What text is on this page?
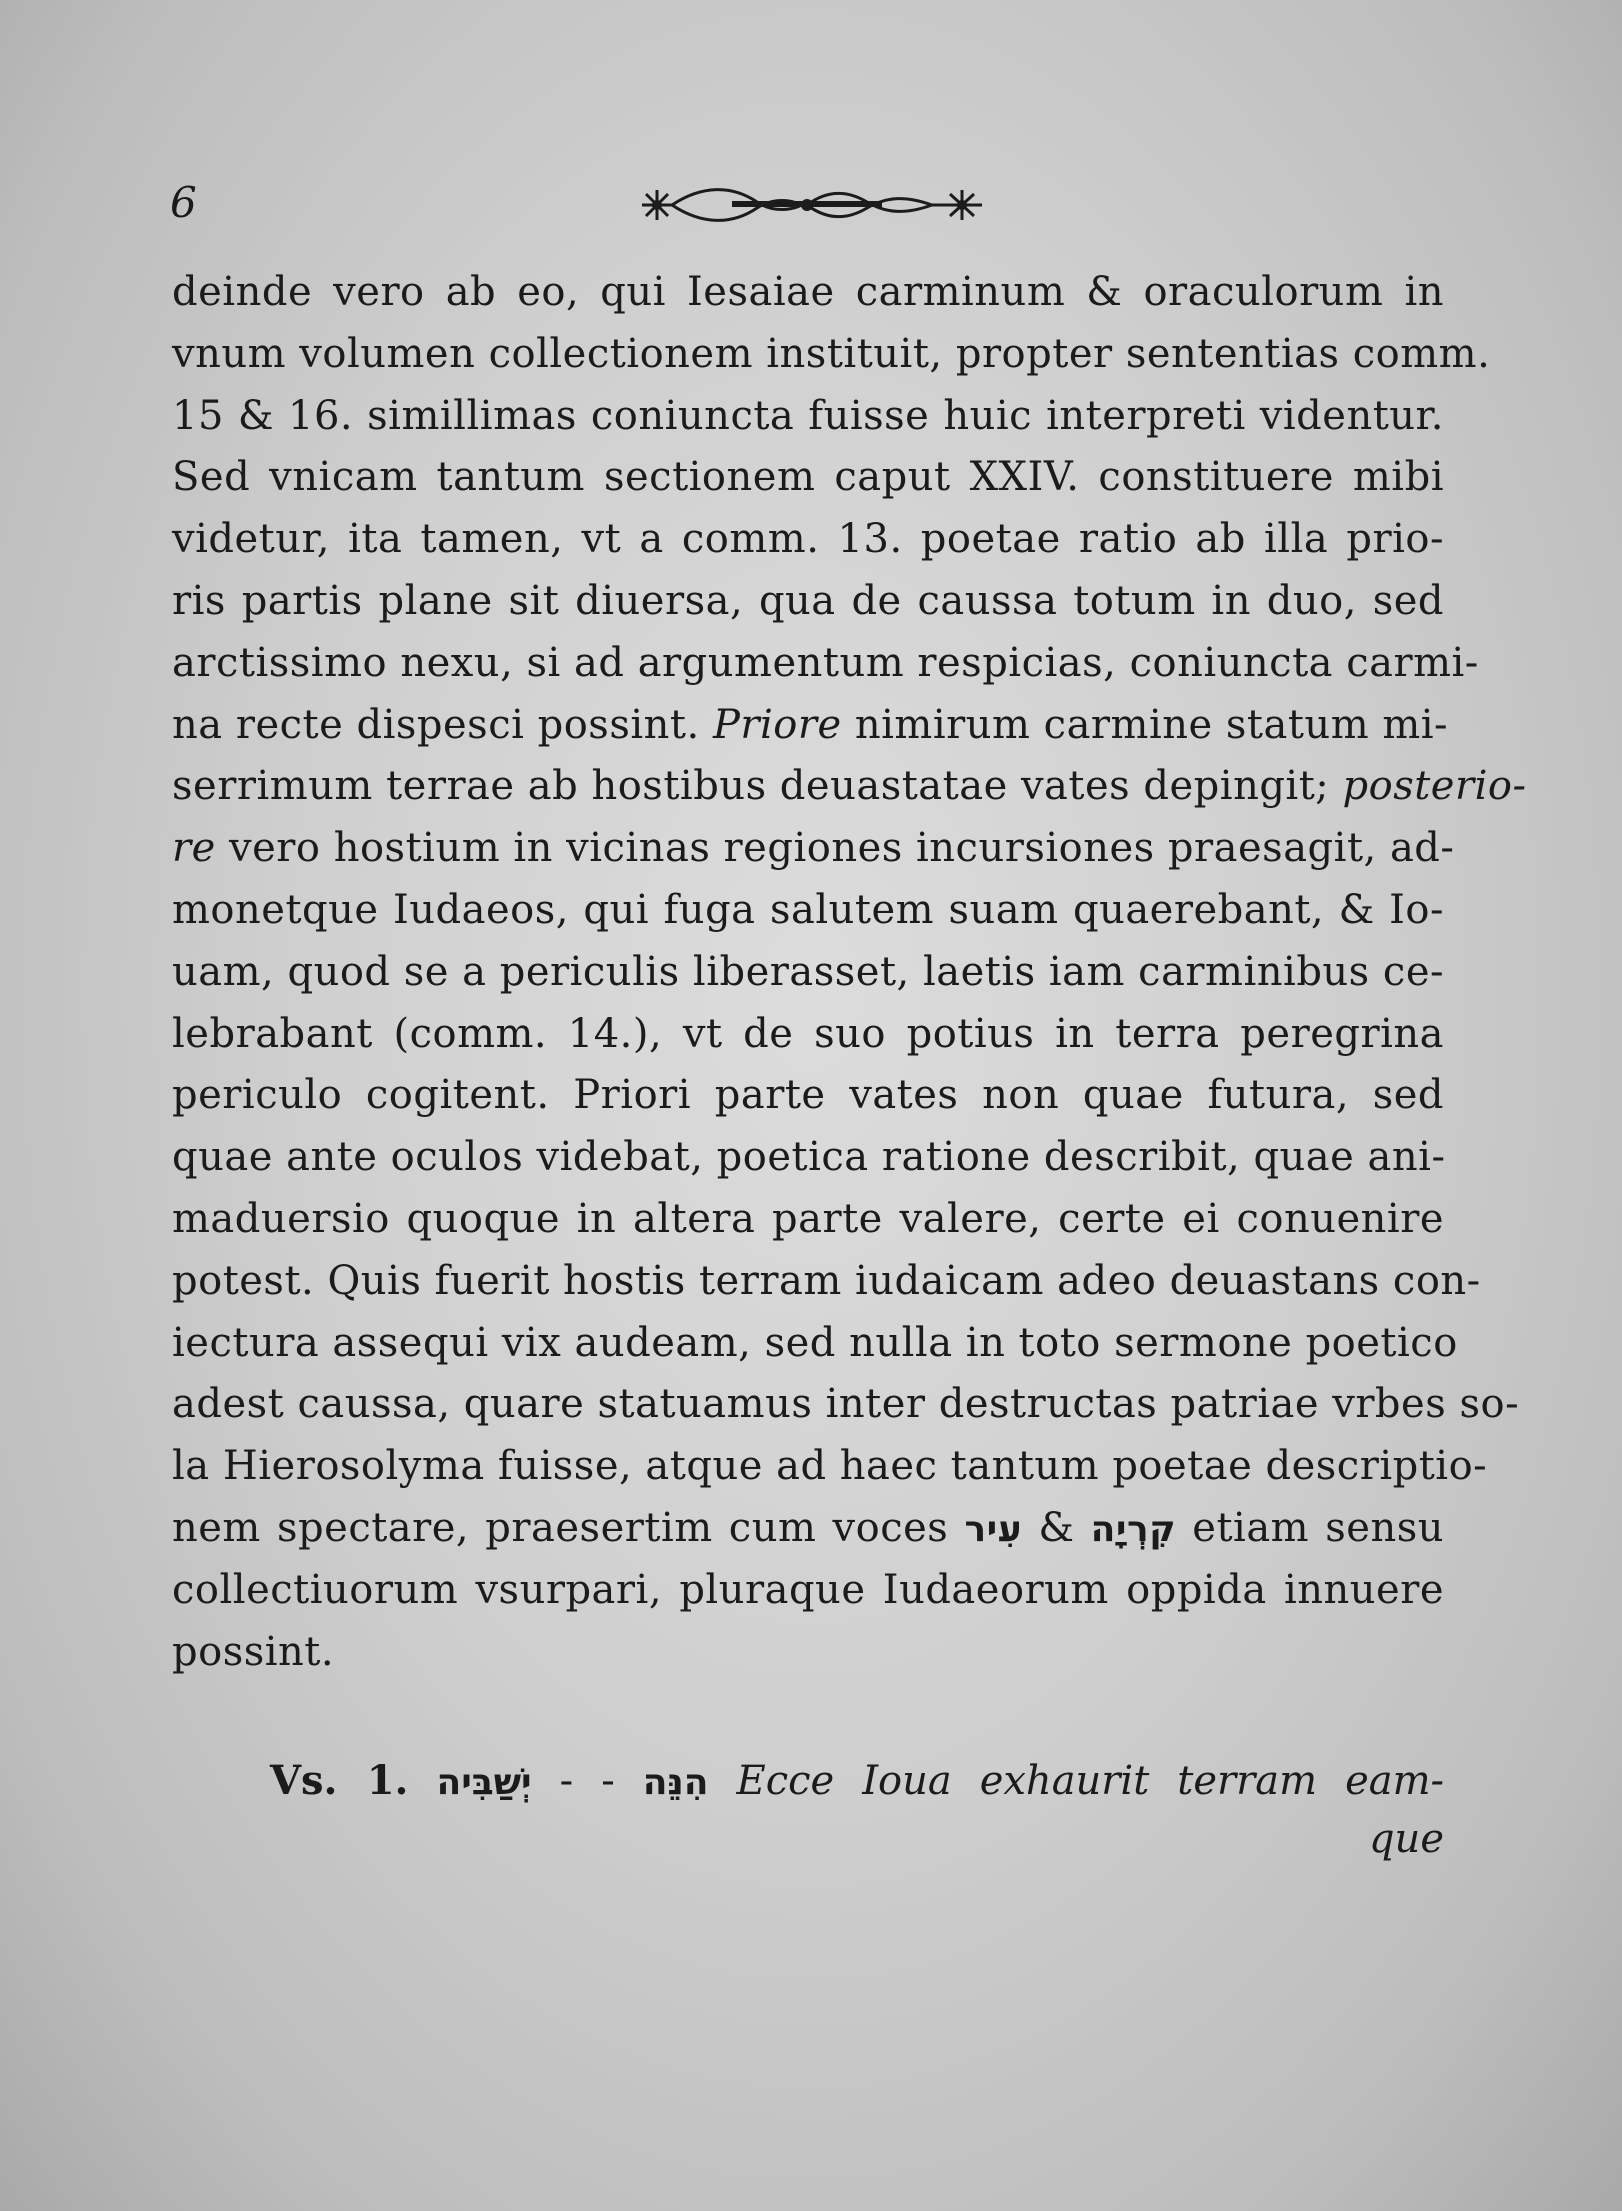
6
deinde vero ab eo, qui Iesaiae carminum & oraculorum in
vnum volumen collectionem instituit, propter sententias comm.
15 & 16. simillimas coniuncta fuisse huic interpreti videntur.
Sed vnicam tantum sectionem caput XXIV. constituere mibi
videtur, ita tamen, vt a comm. 13. poetae ratio ab illa prio-
ris partis plane sit diuersa, qua de caussa totum in duo, sed
arctissimo nexu, si ad argumentum respicias, coniuncta carmi-
na recte dispesci possint. Priore nimirum carmine statum mi-
serrimum terrae ab hostibus deuastatae vates depingit; posterio-
re vero hostium in vicinas regiones incursiones praesagit, ad-
monetque Iudaeos, qui fuga salutem suam quaerebant, & Io-
uam, quod se a periculis liberasset, laetis iam carminibus ce-
lebrabant (comm. 14.), vt de suo potius in terra peregrina
periculo cogitent. Priori parte vates non quae futura, sed
quae ante oculos videbat, poetica ratione describit, quae ani-
maduersio quoque in altera parte valere, certe ei conuenire
potest. Quis fuerit hostis terram iudaicam adeo deuastans con-
iectura assequi vix audeam, sed nulla in toto sermone poetico
adest caussa, quare statuamus inter destructas patriae vrbes so-
la Hierosolyma fuisse, atque ad haec tantum poetae descriptio-
nem spectare, praesertim cum voces עִיר & קִרְיָה etiam sensu
collectiuorum vsurpari, pluraque Iudaeorum oppida innuere
possint.
Vs. 1. יְשַׁבִּיה - - הִנֵּה Ecce Ioua exhaurit terram eam-
que
